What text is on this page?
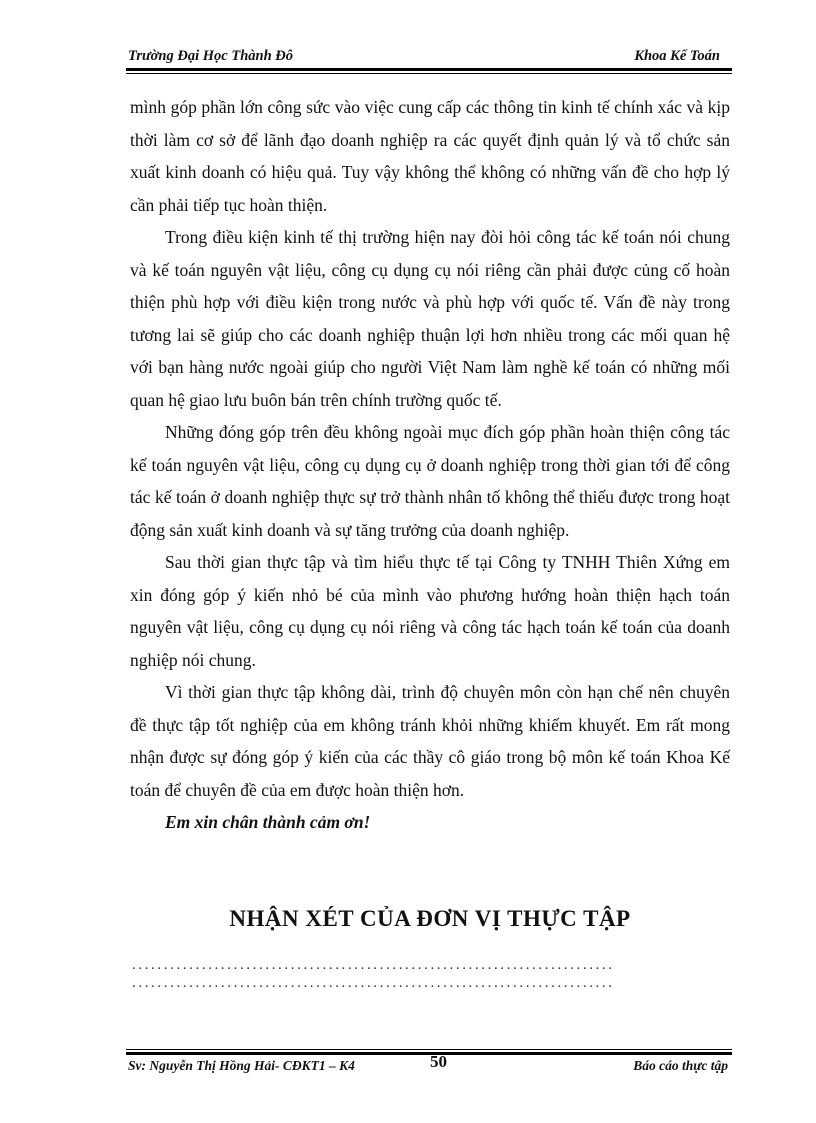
Trường Đại Học Thành Đô	Khoa Kế Toán

mình góp phần lớn công sức vào việc cung cấp các thông tin kinh tế chính xác và kịp thời làm cơ sở để lãnh đạo doanh nghiệp ra các quyết định quản lý và tổ chức sản xuất kinh doanh có hiệu quả. Tuy vậy không thể không có những vấn đề cho hợp lý cần phải tiếp tục hoàn thiện.

Trong điều kiện kinh tế thị trường hiện nay đòi hỏi công tác kế toán nói chung và kế toán nguyên vật liệu, công cụ dụng cụ nói riêng cần phải được củng cố hoàn thiện phù hợp với điều kiện trong nước và phù hợp với quốc tế. Vấn đề này trong tương lai sẽ giúp cho các doanh nghiệp thuận lợi hơn nhiều trong các mối quan hệ với bạn hàng nước ngoài giúp cho người Việt Nam làm nghề kế toán có những mối quan hệ giao lưu buôn bán trên chính trường quốc tế.

Những đóng góp trên đều không ngoài mục đích góp phần hoàn thiện công tác kế toán nguyên vật liệu, công cụ dụng cụ ở doanh nghiệp trong thời gian tới để công tác kế toán ở doanh nghiệp thực sự trở thành nhân tố không thể thiếu được trong hoạt động sản xuất kinh doanh và sự tăng trưởng của doanh nghiệp.

Sau thời gian thực tập và tìm hiểu thực tế tại Công ty TNHH Thiên Xứng em xin đóng góp ý kiến nhỏ bé của mình vào phương hướng hoàn thiện hạch toán nguyên vật liệu, công cụ dụng cụ nói riêng và công tác hạch toán kế toán của doanh nghiệp nói chung.

Vì thời gian thực tập không dài, trình độ chuyên môn còn hạn chế nên chuyên đề thực tập tốt nghiệp của em không tránh khỏi những khiếm khuyết. Em rất mong nhận được sự đóng góp ý kiến của các thầy cô giáo trong bộ môn kế toán Khoa Kế toán để chuyên đề của em được hoàn thiện hơn.

Em xin chân thành cảm ơn!

NHẬN XÉT CỦA ĐƠN VỊ THỰC TẬP
............................................................................
............................................................................
Sv: Nguyễn Thị Hồng Hải- CĐKT1 – K4	50	Báo cáo thực tập
